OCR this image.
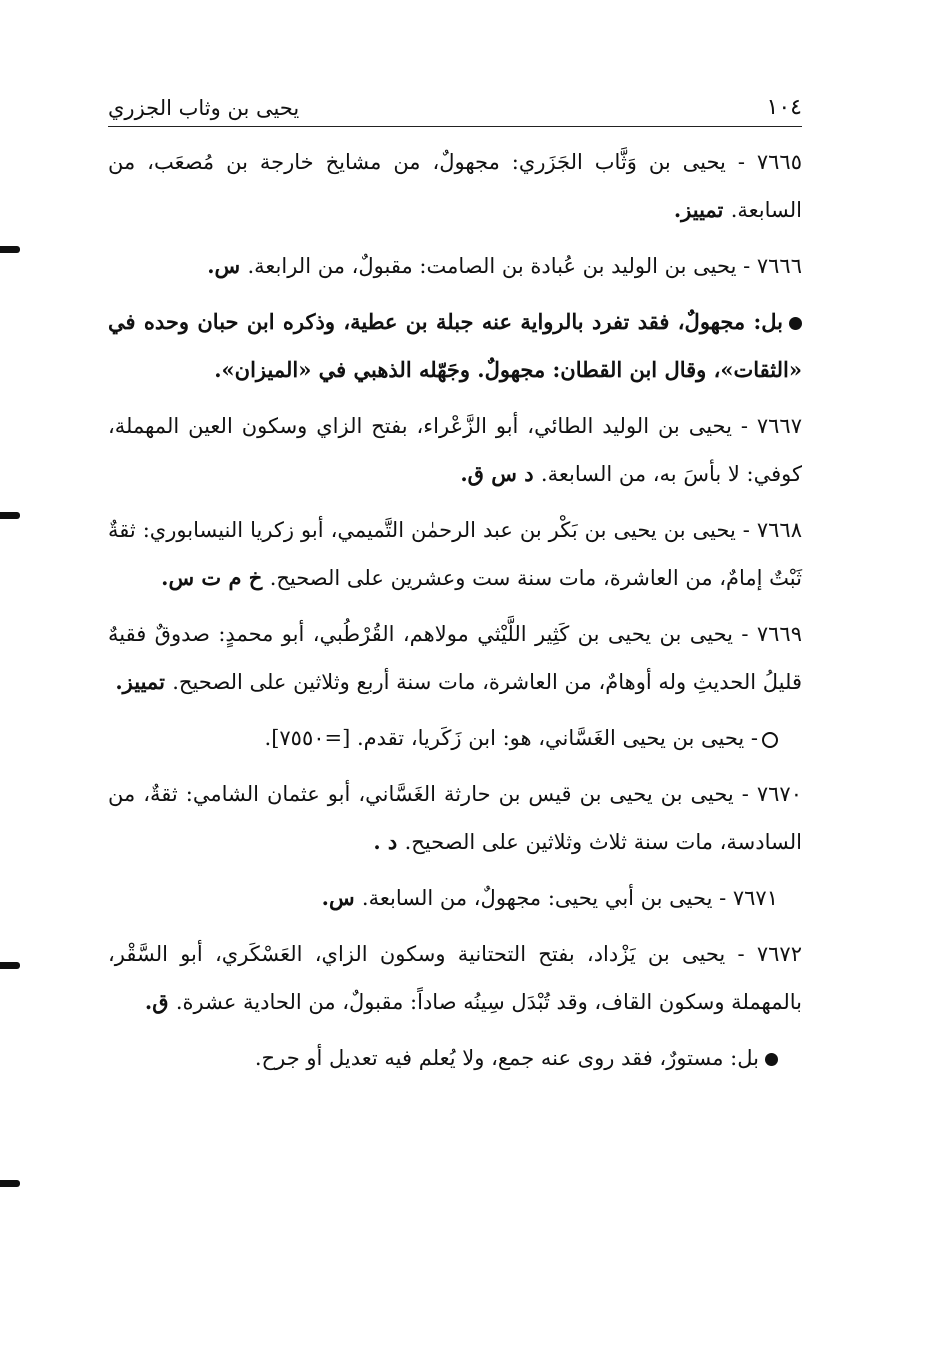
١٠٤
يحيى بن وثاب الجزري

٧٦٦٥ - يحيى بن وَثَّاب الجَزَري: مجهولٌ، من مشايخ خارجة بن مُصعَب، من السابعة. تمييز.

٧٦٦٦ - يحيى بن الوليد بن عُبادة بن الصامت: مقبولٌ، من الرابعة. س.

بل: مجهولٌ، فقد تفرد بالرواية عنه جبلة بن عطية، وذكره ابن حبان وحده في «الثقات»، وقال ابن القطان: مجهولٌ. وجَهّله الذهبي في «الميزان».

٧٦٦٧ - يحيى بن الوليد الطائي، أبو الزَّعْراء، بفتح الزاي وسكون العين المهملة، كوفي: لا بأسَ به، من السابعة. د س ق.

٧٦٦٨ - يحيى بن يحيى بن بَكْر بن عبد الرحمٰن التَّميمي، أبو زكريا النيسابوري: ثقةٌ ثَبْتٌ إمامٌ، من العاشرة، مات سنة ست وعشرين على الصحيح. خ م ت س.

٧٦٦٩ - يحيى بن يحيى بن كَثِير اللَّيْثي مولاهم، القُرْطُبي، أبو محمدٍ: صدوقٌ فقيهٌ قليلُ الحديثِ وله أوهامٌ، من العاشرة، مات سنة أربع وثلاثين على الصحيح. تمييز.

- يحيى بن يحيى الغَسَّاني، هو: ابن زَكَريا، تقدم. [=٧٥٥٠].

٧٦٧٠ - يحيى بن يحيى بن قيس بن حارثة الغَسَّاني، أبو عثمان الشامي: ثقةٌ، من السادسة، مات سنة ثلاث وثلاثين على الصحيح. د .

٧٦٧١ - يحيى بن أبي يحيى: مجهولٌ، من السابعة. س.

٧٦٧٢ - يحيى بن يَزْداد، بفتح التحتانية وسكون الزاي، العَسْكَري، أبو السَّقْر، بالمهملة وسكون القاف، وقد تُبْدَل سِينُه صاداً: مقبولٌ، من الحادية عشرة. ق.

بل: مستورٌ، فقد روى عنه جمع، ولا يُعلم فيه تعديل أو جرح.
